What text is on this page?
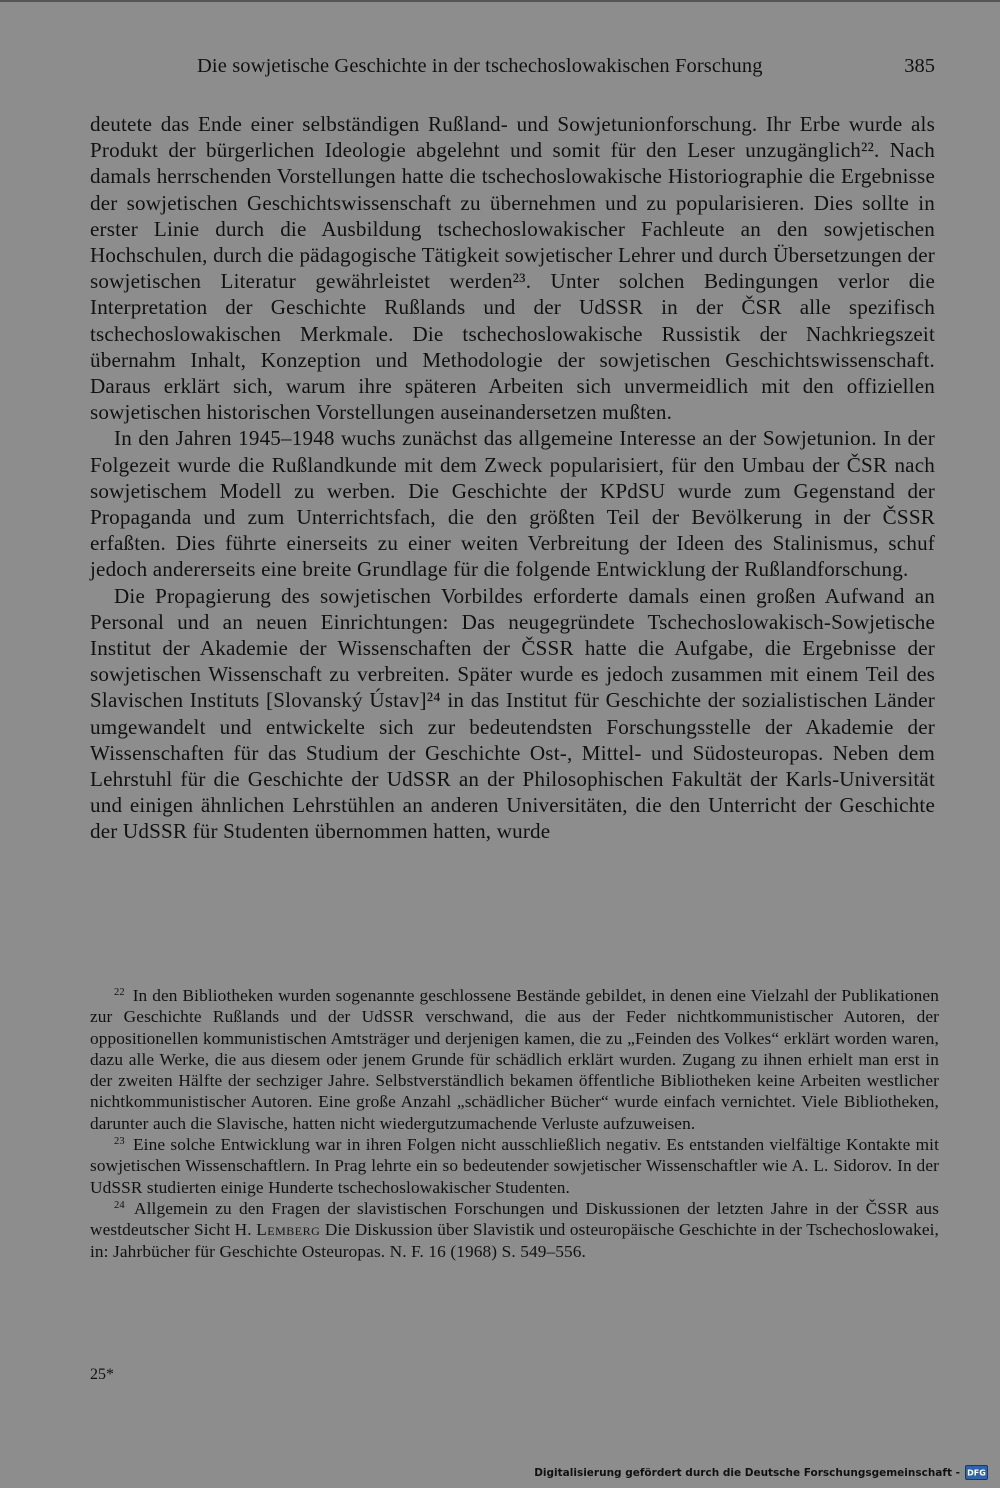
Die sowjetische Geschichte in der tschechoslowakischen Forschung	385

deutete das Ende einer selbständigen Rußland- und Sowjetunionforschung. Ihr Erbe wurde als Produkt der bürgerlichen Ideologie abgelehnt und somit für den Leser unzugänglich²². Nach damals herrschenden Vorstellungen hatte die tschechoslowakische Historiographie die Ergebnisse der sowjetischen Geschichtswissenschaft zu übernehmen und zu popularisieren. Dies sollte in erster Linie durch die Ausbildung tschechoslowakischer Fachleute an den sowjetischen Hochschulen, durch die pädagogische Tätigkeit sowjetischer Lehrer und durch Übersetzungen der sowjetischen Literatur gewährleistet werden²³. Unter solchen Bedingungen verlor die Interpretation der Geschichte Rußlands und der UdSSR in der ČSR alle spezifisch tschechoslowakischen Merkmale. Die tschechoslowakische Russistik der Nachkriegszeit übernahm Inhalt, Konzeption und Methodologie der sowjetischen Geschichtswissenschaft. Daraus erklärt sich, warum ihre späteren Arbeiten sich unvermeidlich mit den offiziellen sowjetischen historischen Vorstellungen auseinandersetzen mußten.

In den Jahren 1945–1948 wuchs zunächst das allgemeine Interesse an der Sowjetunion. In der Folgezeit wurde die Rußlandkunde mit dem Zweck popularisiert, für den Umbau der ČSR nach sowjetischem Modell zu werben. Die Geschichte der KPdSU wurde zum Gegenstand der Propaganda und zum Unterrichtsfach, die den größten Teil der Bevölkerung in der ČSSR erfaßten. Dies führte einerseits zu einer weiten Verbreitung der Ideen des Stalinismus, schuf jedoch andererseits eine breite Grundlage für die folgende Entwicklung der Rußlandforschung.

Die Propagierung des sowjetischen Vorbildes erforderte damals einen großen Aufwand an Personal und an neuen Einrichtungen: Das neugegründete Tschechoslowakisch-Sowjetische Institut der Akademie der Wissenschaften der ČSSR hatte die Aufgabe, die Ergebnisse der sowjetischen Wissenschaft zu verbreiten. Später wurde es jedoch zusammen mit einem Teil des Slavischen Instituts [Slovanský Ústav]²⁴ in das Institut für Geschichte der sozialistischen Länder umgewandelt und entwickelte sich zur bedeutendsten Forschungsstelle der Akademie der Wissenschaften für das Studium der Geschichte Ost-, Mittel- und Südosteuropas. Neben dem Lehrstuhl für die Geschichte der UdSSR an der Philosophischen Fakultät der Karls-Universität und einigen ähnlichen Lehrstühlen an anderen Universitäten, die den Unterricht der Geschichte der UdSSR für Studenten übernommen hatten, wurde

$^{22}$ In den Bibliotheken wurden sogenannte geschlossene Bestände gebildet, in denen eine Vielzahl der Publikationen zur Geschichte Rußlands und der UdSSR verschwand, die aus der Feder nichtkommunistischer Autoren, der oppositionellen kommunistischen Amtsträger und derjenigen kamen, die zu „Feinden des Volkes“ erklärt worden waren, dazu alle Werke, die aus diesem oder jenem Grunde für schädlich erklärt wurden. Zugang zu ihnen erhielt man erst in der zweiten Hälfte der sechziger Jahre. Selbstverständlich bekamen öffentliche Bibliotheken keine Arbeiten westlicher nichtkommunistischer Autoren. Eine große Anzahl „schädlicher Bücher“ wurde einfach vernichtet. Viele Bibliotheken, darunter auch die Slavische, hatten nicht wiedergutzumachende Verluste aufzuweisen.

$^{23}$ Eine solche Entwicklung war in ihren Folgen nicht ausschließlich negativ. Es entstanden vielfältige Kontakte mit sowjetischen Wissenschaftlern. In Prag lehrte ein so bedeutender sowjetischer Wissenschaftler wie A. L. Sidorov. In der UdSSR studierten einige Hunderte tschechoslowakischer Studenten.

$^{24}$ Allgemein zu den Fragen der slavistischen Forschungen und Diskussionen der letzten Jahre in der ČSSR aus westdeutscher Sicht H. Lemberg Die Diskussion über Slavistik und osteuropäische Geschichte in der Tschechoslowakei, in: Jahrbücher für Geschichte Osteuropas. N. F. 16 (1968) S. 549–556.

25*
Digitalisierung gefördert durch die Deutsche Forschungsgemeinschaft - DFG
